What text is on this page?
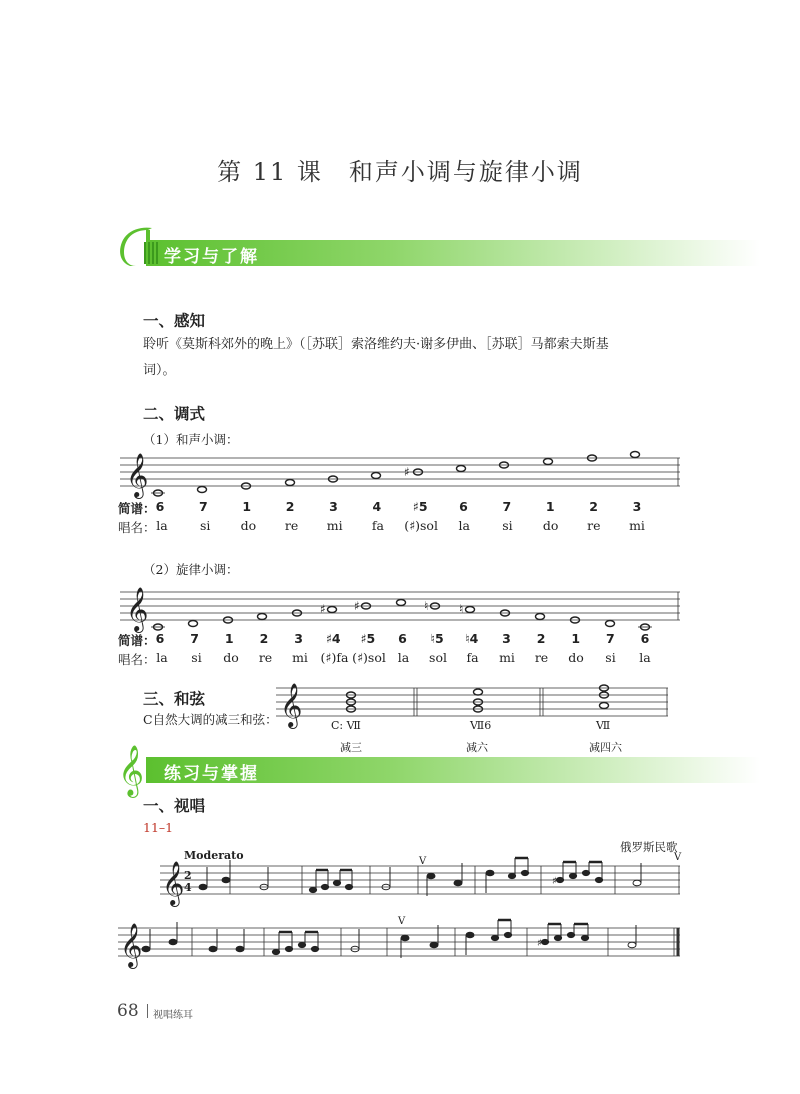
第 11 课　和声小调与旋律小调
学习与了解
一、感知
聆听《莫斯科郊外的晚上》（［苏联］索洛维约夫·谢多伊曲、［苏联］马都索夫斯基
词）。
二、调式
（1）和声小调：
𝄞	♯
简谱： 6	7	1	2	3	4	♯5	6	7	1	2	3
唱名： la	si do re mi fa (♯)sol la	si do re mi
（2）旋律小调：
𝄞	♯ ♯	♮	♮
简谱： 6 7 1 2 3 ♯4 ♯5 6 ♮5 ♮4 3 2 1 7 6
唱名： la si do re mi (♯)fa (♯)sol la sol fa mi re do si la
三、和弦
C自然大调的减三和弦： 𝄞	C: Ⅶ	Ⅶ6	Ⅶ
减三	减六	减四六
𝄞 练习与掌握
一、视唱
11–1
Moderato
俄罗斯民歌
𝄞 2
4	♯
V	V
𝄞	♯
V
68 视唱练耳
